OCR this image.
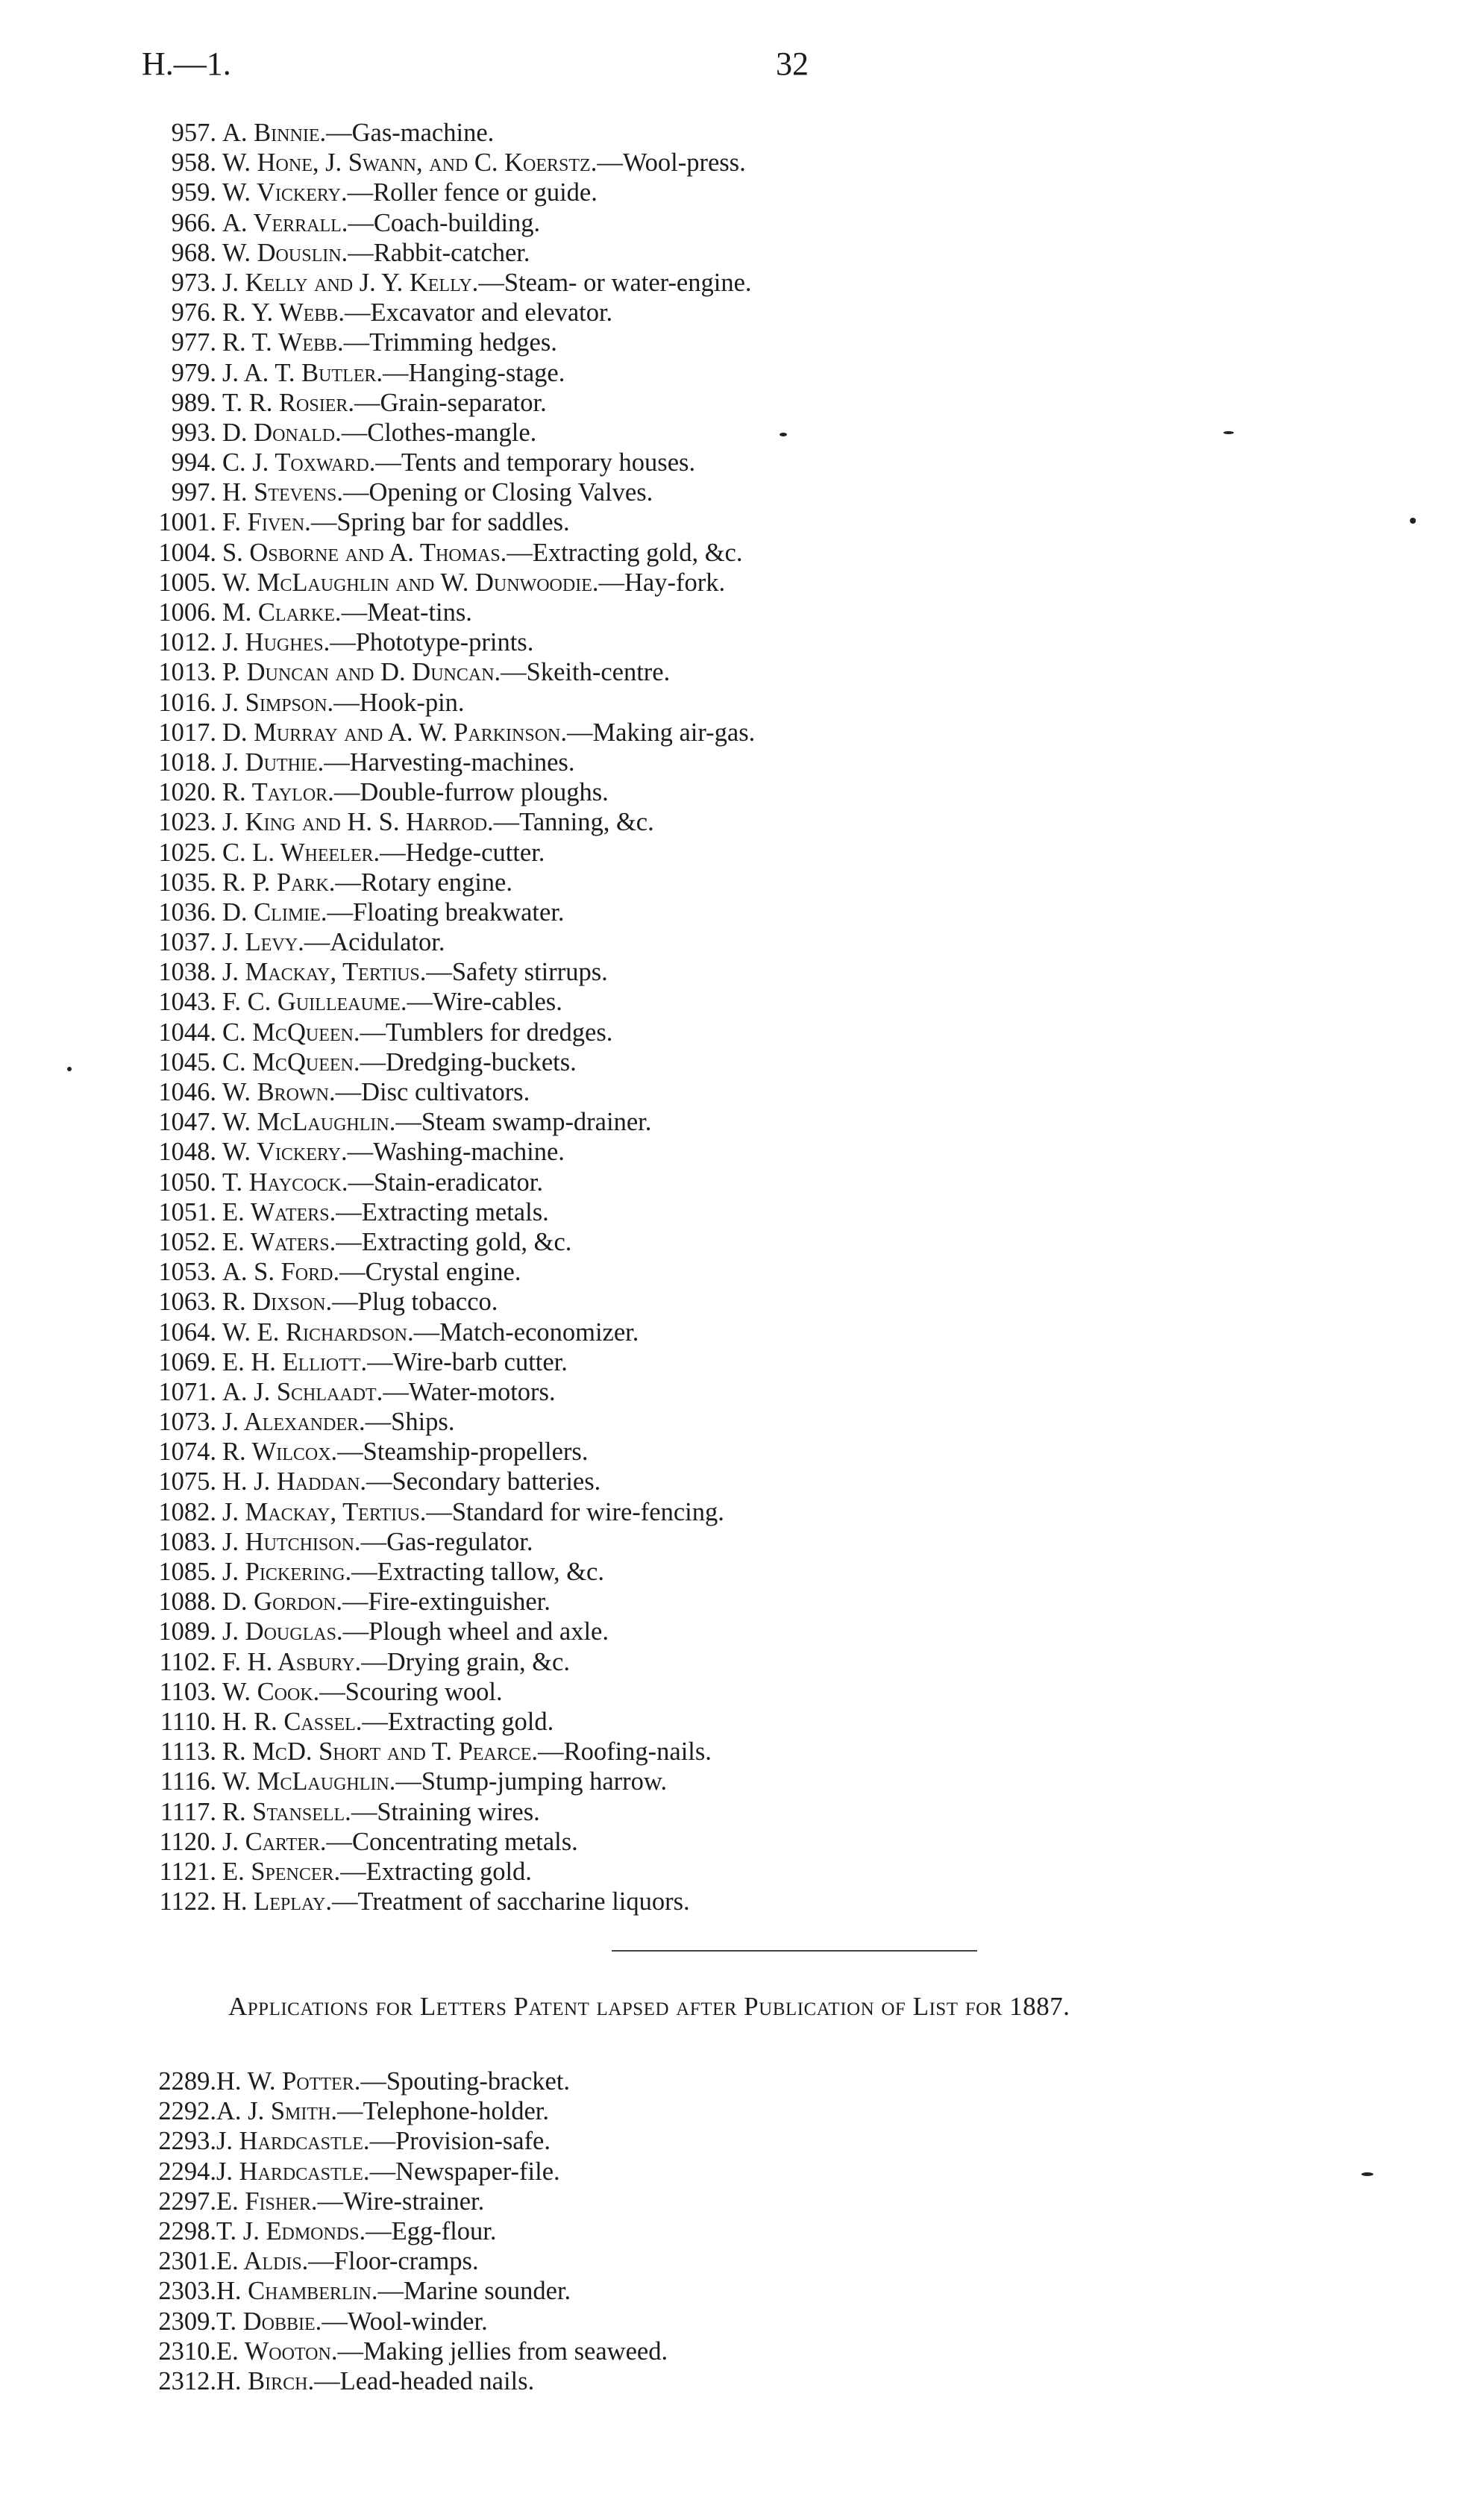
H.—1.	32
957. A. Binnie.—Gas-machine.
958. W. Hone, J. Swann, and C. Koerstz.—Wool-press.
959. W. Vickery.—Roller fence or guide.
966. A. Verrall.—Coach-building.
968. W. Douslin.—Rabbit-catcher.
973. J. Kelly and J. Y. Kelly.—Steam- or water-engine.
976. R. Y. Webb.—Excavator and elevator.
977. R. T. Webb.—Trimming hedges.
979. J. A. T. Butler.—Hanging-stage.
989. T. R. Rosier.—Grain-separator.
993. D. Donald.—Clothes-mangle.
994. C. J. Toxward.—Tents and temporary houses.
997. H. Stevens.—Opening or Closing Valves.
1001. F. Fiven.—Spring bar for saddles.
1004. S. Osborne and A. Thomas.—Extracting gold, &c.
1005. W. McLaughlin and W. Dunwoodie.—Hay-fork.
1006. M. Clarke.—Meat-tins.
1012. J. Hughes.—Phototype-prints.
1013. P. Duncan and D. Duncan.—Skeith-centre.
1016. J. Simpson.—Hook-pin.
1017. D. Murray and A. W. Parkinson.—Making air-gas.
1018. J. Duthie.—Harvesting-machines.
1020. R. Taylor.—Double-furrow ploughs.
1023. J. King and H. S. Harrod.—Tanning, &c.
1025. C. L. Wheeler.—Hedge-cutter.
1035. R. P. Park.—Rotary engine.
1036. D. Climie.—Floating breakwater.
1037. J. Levy.—Acidulator.
1038. J. Mackay, Tertius.—Safety stirrups.
1043. F. C. Guilleaume.—Wire-cables.
1044. C. McQueen.—Tumblers for dredges.
1045. C. McQueen.—Dredging-buckets.
1046. W. Brown.—Disc cultivators.
1047. W. McLaughlin.—Steam swamp-drainer.
1048. W. Vickery.—Washing-machine.
1050. T. Haycock.—Stain-eradicator.
1051. E. Waters.—Extracting metals.
1052. E. Waters.—Extracting gold, &c.
1053. A. S. Ford.—Crystal engine.
1063. R. Dixson.—Plug tobacco.
1064. W. E. Richardson.—Match-economizer.
1069. E. H. Elliott.—Wire-barb cutter.
1071. A. J. Schlaadt.—Water-motors.
1073. J. Alexander.—Ships.
1074. R. Wilcox.—Steamship-propellers.
1075. H. J. Haddan.—Secondary batteries.
1082. J. Mackay, Tertius.—Standard for wire-fencing.
1083. J. Hutchison.—Gas-regulator.
1085. J. Pickering.—Extracting tallow, &c.
1088. D. Gordon.—Fire-extinguisher.
1089. J. Douglas.—Plough wheel and axle.
1102. F. H. Asbury.—Drying grain, &c.
1103. W. Cook.—Scouring wool.
1110. H. R. Cassel.—Extracting gold.
1113. R. McD. Short and T. Pearce.—Roofing-nails.
1116. W. McLaughlin.—Stump-jumping harrow.
1117. R. Stansell.—Straining wires.
1120. J. Carter.—Concentrating metals.
1121. E. Spencer.—Extracting gold.
1122. H. Leplay.—Treatment of saccharine liquors.
Applications for Letters Patent lapsed after Publication of List for 1887.
2289. H. W. Potter.—Spouting-bracket.
2292. A. J. Smith.—Telephone-holder.
2293. J. Hardcastle.—Provision-safe.
2294. J. Hardcastle.—Newspaper-file.
2297. E. Fisher.—Wire-strainer.
2298. T. J. Edmonds.—Egg-flour.
2301. E. Aldis.—Floor-cramps.
2303. H. Chamberlin.—Marine sounder.
2309. T. Dobbie.—Wool-winder.
2310. E. Wooton.—Making jellies from seaweed.
2312. H. Birch.—Lead-headed nails.
